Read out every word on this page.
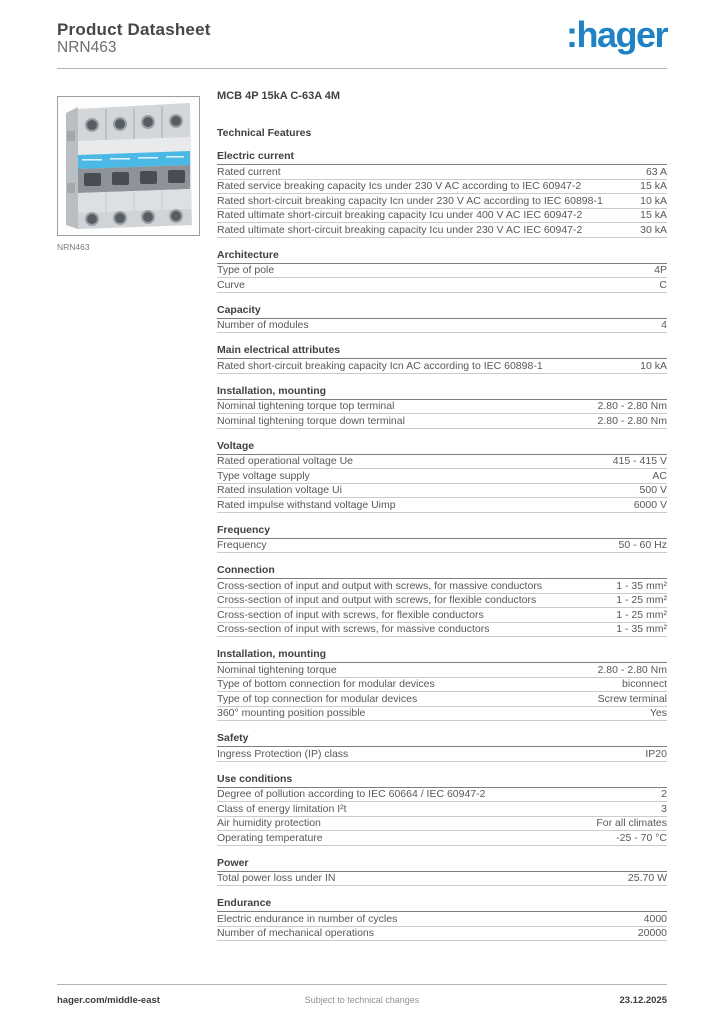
Product Datasheet
NRN463	:hager
NRN463
MCB 4P 15kA C-63A 4M
Technical Features
Electric current
Rated current	63 A
Rated service breaking capacity Ics under 230 V AC according to IEC 60947-2	15 kA
Rated short-circuit breaking capacity Icn under 230 V AC according to IEC 60898-1	10 kA
Rated ultimate short-circuit breaking capacity Icu under 400 V AC IEC 60947-2	15 kA
Rated ultimate short-circuit breaking capacity Icu under 230 V AC IEC 60947-2	30 kA
Architecture
Type of pole	4P
Curve	C
Capacity
Number of modules	4
Main electrical attributes
Rated short-circuit breaking capacity Icn AC according to IEC 60898-1	10 kA
Installation, mounting
Nominal tightening torque top terminal	2.80 - 2.80 Nm
Nominal tightening torque down terminal	2.80 - 2.80 Nm
Voltage
Rated operational voltage Ue	415 - 415 V
Type voltage supply	AC
Rated insulation voltage Ui	500 V
Rated impulse withstand voltage Uimp	6000 V
Frequency
Frequency	50 - 60 Hz
Connection
Cross-section of input and output with screws, for massive conductors	1 - 35 mm²
Cross-section of input and output with screws, for flexible conductors	1 - 25 mm²
Cross-section of input with screws, for flexible conductors	1 - 25 mm²
Cross-section of input with screws, for massive conductors	1 - 35 mm²
Installation, mounting
Nominal tightening torque	2.80 - 2.80 Nm
Type of bottom connection for modular devices	biconnect
Type of top connection for modular devices	Screw terminal
360° mounting position possible	Yes
Safety
Ingress Protection (IP) class	IP20
Use conditions
Degree of pollution according to IEC 60664 / IEC 60947-2	2
Class of energy limitation I²t	3
Air humidity protection	For all climates
Operating temperature	-25 - 70 °C
Power
Total power loss under IN	25.70 W
Endurance
Electric endurance in number of cycles	4000
Number of mechanical operations	20000
hager.com/middle-east	Subject to technical changes	23.12.2025
